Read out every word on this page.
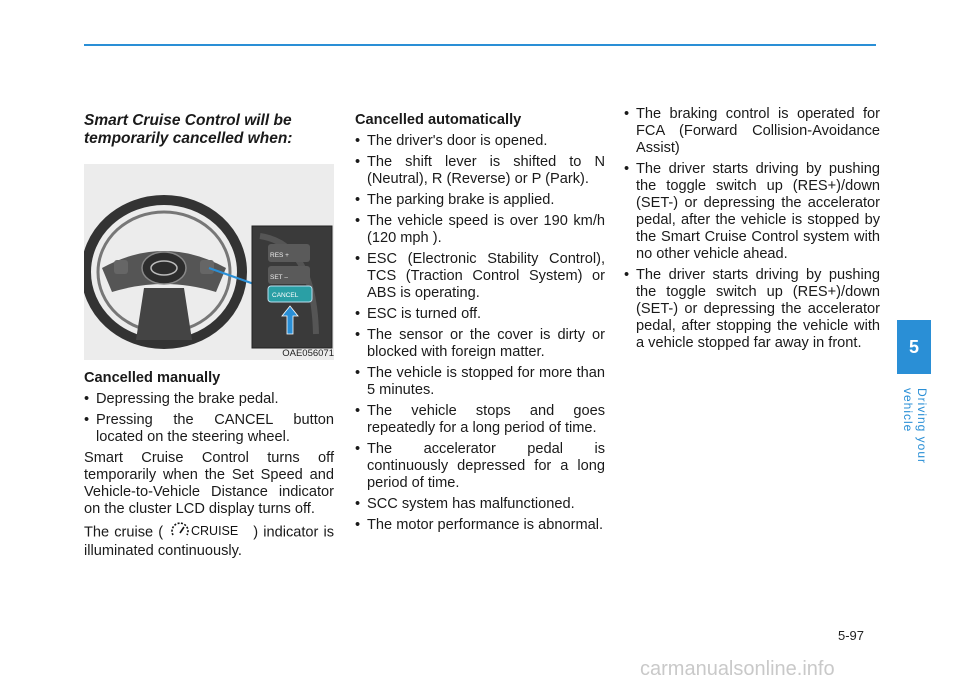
Smart Cruise Control will be temporarily cancelled when:
RES +
SET –
CANCEL
OAE056071
Cancelled manually
• Depressing the brake pedal.
• Pressing the CANCEL button located on the steering wheel.

Smart Cruise Control turns off temporarily when the Set Speed and Vehicle-to-Vehicle Distance indicator on the cluster LCD display turns off.

The cruise ( CRUISE ) indicator is illuminated continuously.

Cancelled automatically
• The driver's door is opened.
• The shift lever is shifted to N (Neutral), R (Reverse) or P (Park).
• The parking brake is applied.
• The vehicle speed is over 190 km/h (120 mph ).
• ESC (Electronic Stability Control), TCS (Traction Control System) or ABS is operating.
• ESC is turned off.
• The sensor or the cover is dirty or blocked with foreign matter.
• The vehicle is stopped for more than 5 minutes.
• The vehicle stops and goes repeatedly for a long period of time.
• The accelerator pedal is continuously depressed for a long period of time.
• SCC system has malfunctioned.
• The motor performance is abnormal.
• The braking control is operated for FCA (Forward Collision-Avoidance Assist)
• The driver starts driving by pushing the toggle switch up (RES+)/down (SET-) or depressing the accelerator pedal, after the vehicle is stopped by the Smart Cruise Control system with no other vehicle ahead.
• The driver starts driving by pushing the toggle switch up (RES+)/down (SET-) or depressing the accelerator pedal, after stopping the vehicle with a vehicle stopped far away in front.	5
Driving your vehicle
5-97
carmanualsonline.info
